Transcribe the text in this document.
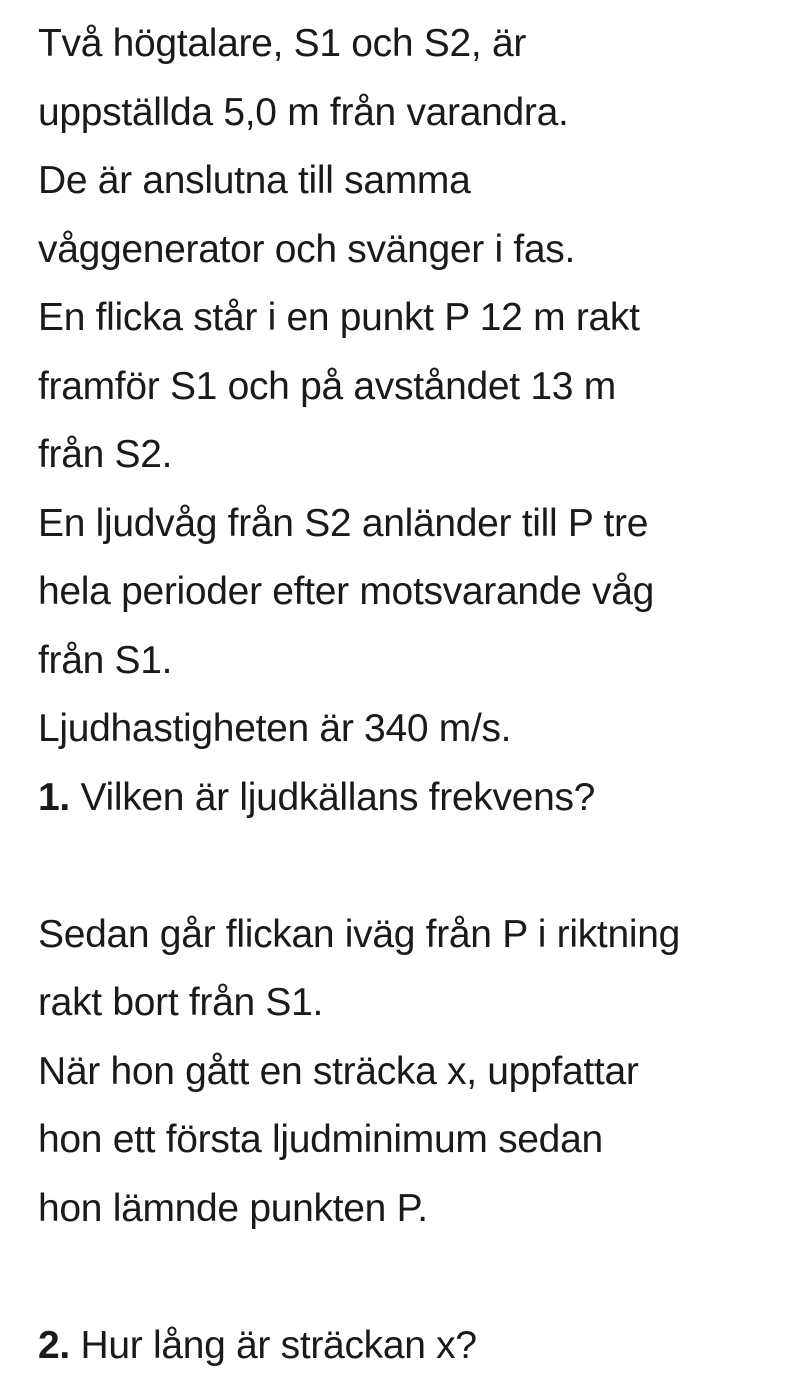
Två högtalare, S1 och S2, är
uppställda 5,0 m från varandra.
De är anslutna till samma
våggenerator och svänger i fas.
En flicka står i en punkt P 12 m rakt
framför S1 och på avståndet 13 m
från S2.
En ljudvåg från S2 anländer till P tre
hela perioder efter motsvarande våg
från S1.
Ljudhastigheten är 340 m/s.
1. Vilken är ljudkällans frekvens?
Sedan går flickan iväg från P i riktning
rakt bort från S1.
När hon gått en sträcka x, uppfattar
hon ett första ljudminimum sedan
hon lämnde punkten P.
2. Hur lång är sträckan x?
